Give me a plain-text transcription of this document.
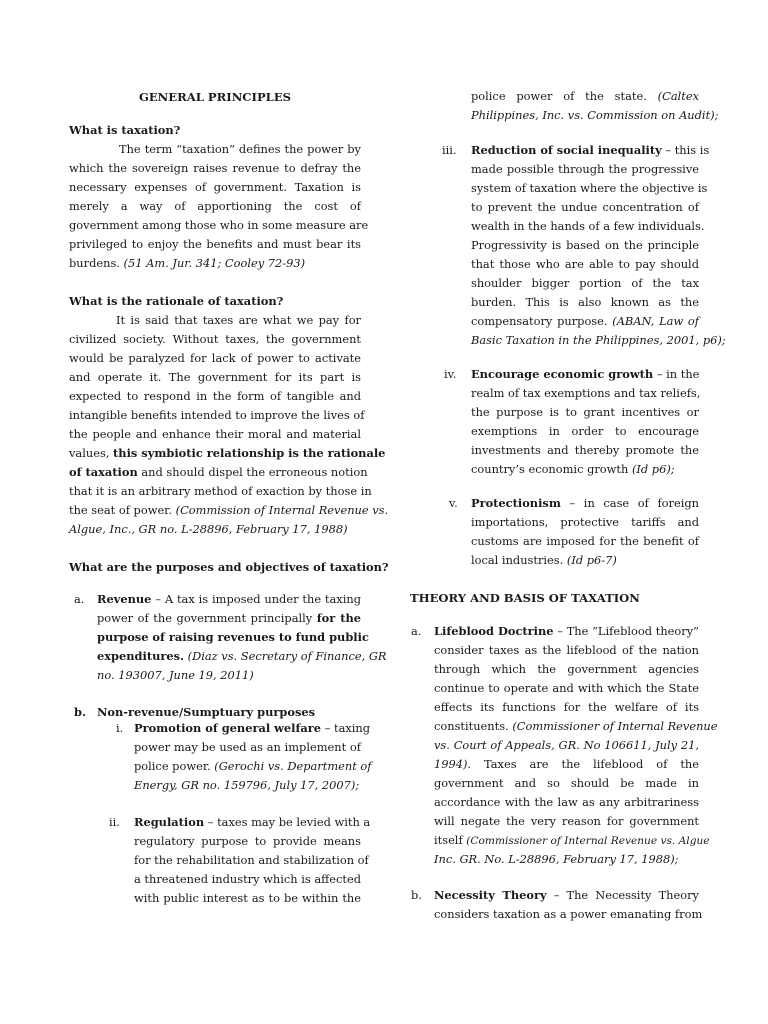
GENERAL PRINCIPLES
What is taxation?
The term “taxation” defines the power by
which the sovereign raises revenue to defray the
necessary expenses of government. Taxation is
merely a way of apportioning the cost of
government among those who in some measure are
privileged to enjoy the benefits and must bear its
burdens. (51 Am. Jur. 341; Cooley 72-93)
What is the rationale of taxation?
It is said that taxes are what we pay for
civilized society. Without taxes, the government
would be paralyzed for lack of power to activate
and operate it. The government for its part is
expected to respond in the form of tangible and
intangible benefits intended to improve the lives of
the people and enhance their moral and material
values, this symbiotic relationship is the rationale
of taxation and should dispel the erroneous notion
that it is an arbitrary method of exaction by those in
the seat of power. (Commission of Internal Revenue vs.
Algue, Inc., GR no. L-28896, February 17, 1988)
What are the purposes and objectives of taxation?
a. Revenue – A tax is imposed under the taxing
power of the government principally for the
purpose of raising revenues to fund public
expenditures. (Diaz vs. Secretary of Finance, GR
no. 193007, June 19, 2011)
b. Non-revenue/Sumptuary purposes
i. Promotion of general welfare – taxing
power may be used as an implement of
police power. (Gerochi vs. Department of
Energy, GR no. 159796, July 17, 2007);
ii. Regulation – taxes may be levied with a
regulatory purpose to provide means
for the rehabilitation and stabilization of
a threatened industry which is affected
with public interest as to be within the
police power of the state. (Caltex
Philippines, Inc. vs. Commission on Audit);
iii. Reduction of social inequality – this is
made possible through the progressive
system of taxation where the objective is
to prevent the undue concentration of
wealth in the hands of a few individuals.
Progressivity is based on the principle
that those who are able to pay should
shoulder bigger portion of the tax
burden. This is also known as the
compensatory purpose. (ABAN, Law of
Basic Taxation in the Philippines, 2001, p6);
iv. Encourage economic growth – in the
realm of tax exemptions and tax reliefs,
the purpose is to grant incentives or
exemptions in order to encourage
investments and thereby promote the
country’s economic growth (Id p6);
v. Protectionism – in case of foreign
importations, protective tariffs and
customs are imposed for the benefit of
local industries. (Id p6-7)
THEORY AND BASIS OF TAXATION
a. Lifeblood Doctrine – The “Lifeblood theory”
consider taxes as the lifeblood of the nation
through which the government agencies
continue to operate and with which the State
effects its functions for the welfare of its
constituents. (Commissioner of Internal Revenue
vs. Court of Appeals, GR. No 106611, July 21,
1994). Taxes are the lifeblood of the
government and so should be made in
accordance with the law as any arbitrariness
will negate the very reason for government
itself (Commissioner of Internal Revenue vs. Algue
Inc. GR. No. L-28896, February 17, 1988);
b. Necessity Theory – The Necessity Theory
considers taxation as a power emanating from
